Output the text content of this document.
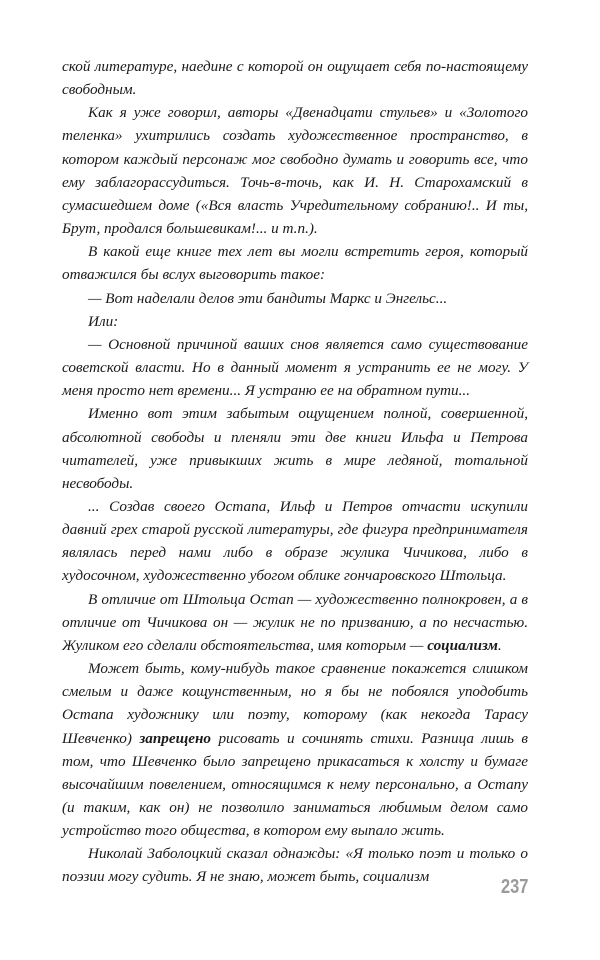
ской литературе, наедине с которой он ощущает себя по-настоящему свободным.

Как я уже говорил, авторы «Двенадцати стульев» и «Золотого теленка» ухитрились создать художественное пространство, в котором каждый персонаж мог свободно думать и говорить все, что ему заблагорассудиться. Точь-в-точь, как И. Н. Старохамский в сумасшедшем доме («Вся власть Учредительному собранию!.. И ты, Брут, продался большевикам!... и т.п.).

В какой еще книге тех лет вы могли встретить героя, который отважился бы вслух выговорить такое:

— Вот наделали делов эти бандиты Маркс и Энгельс...

Или:

— Основной причиной ваших снов является само существование советской власти. Но в данный момент я устранить ее не могу. У меня просто нет времени... Я устраню ее на обратном пути...

Именно вот этим забытым ощущением полной, совершенной, абсолютной свободы и пленяли эти две книги Ильфа и Петрова читателей, уже привыкших жить в мире ледяной, тотальной несвободы.

... Создав своего Остапа, Ильф и Петров отчасти искупили давний грех старой русской литературы, где фигура предпринимателя являлась перед нами либо в образе жулика Чичикова, либо в худосочном, художественно убогом облике гончаровского Штольца.

В отличие от Штольца Остап — художественно полнокровен, а в отличие от Чичикова он — жулик не по призванию, а по несчастью. Жуликом его сделали обстоятельства, имя которым — социализм.

Может быть, кому-нибудь такое сравнение покажется слишком смелым и даже кощунственным, но я бы не побоялся уподобить Остапа художнику или поэту, которому (как некогда Тарасу Шевченко) запрещено рисовать и сочинять стихи. Разница лишь в том, что Шевченко было запрещено прикасаться к холсту и бумаге высочайшим повелением, относящимся к нему персонально, а Остапу (и таким, как он) не позволило заниматься любимым делом само устройство того общества, в котором ему выпало жить.

Николай Заболоцкий сказал однажды: «Я только поэт и только о поэзии могу судить. Я не знаю, может быть, социализм	237
